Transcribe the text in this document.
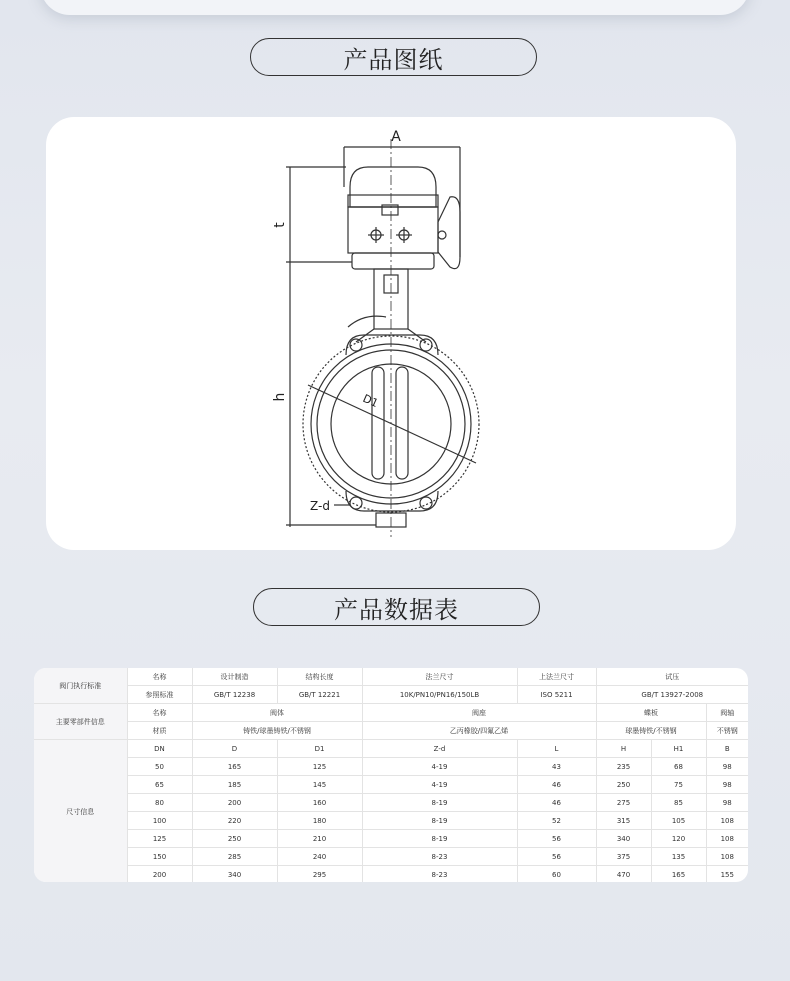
产品图纸
A
t
h	D1
Z-d
产品数据表
阀门执行标准	名称	设计制造	结构长度	法兰尺寸	上法兰尺寸	试压		
	参照标准	GB/T 12238	GB/T 12221	10K/PN10/PN16/150LB	ISO 5211	GB/T 13927-2008		
主要零部件信息	名称	阀体		阀座		蝶板		阀轴
	材质	铸铁/球墨铸铁/不锈钢		乙丙橡胶/四氟乙烯		球墨铸铁/不锈钢		不锈钢
尺寸信息	DN	D	D1	Z-d	L	H	H1	B
	50	165	125	4-19	43	235	68	98
	65	185	145	4-19	46	250	75	98
	80	200	160	8-19	46	275	85	98
	100	220	180	8-19	52	315	105	108
	125	250	210	8-19	56	340	120	108
	150	285	240	8-23	56	375	135	108
	200	340	295	8-23	60	470	165	155
